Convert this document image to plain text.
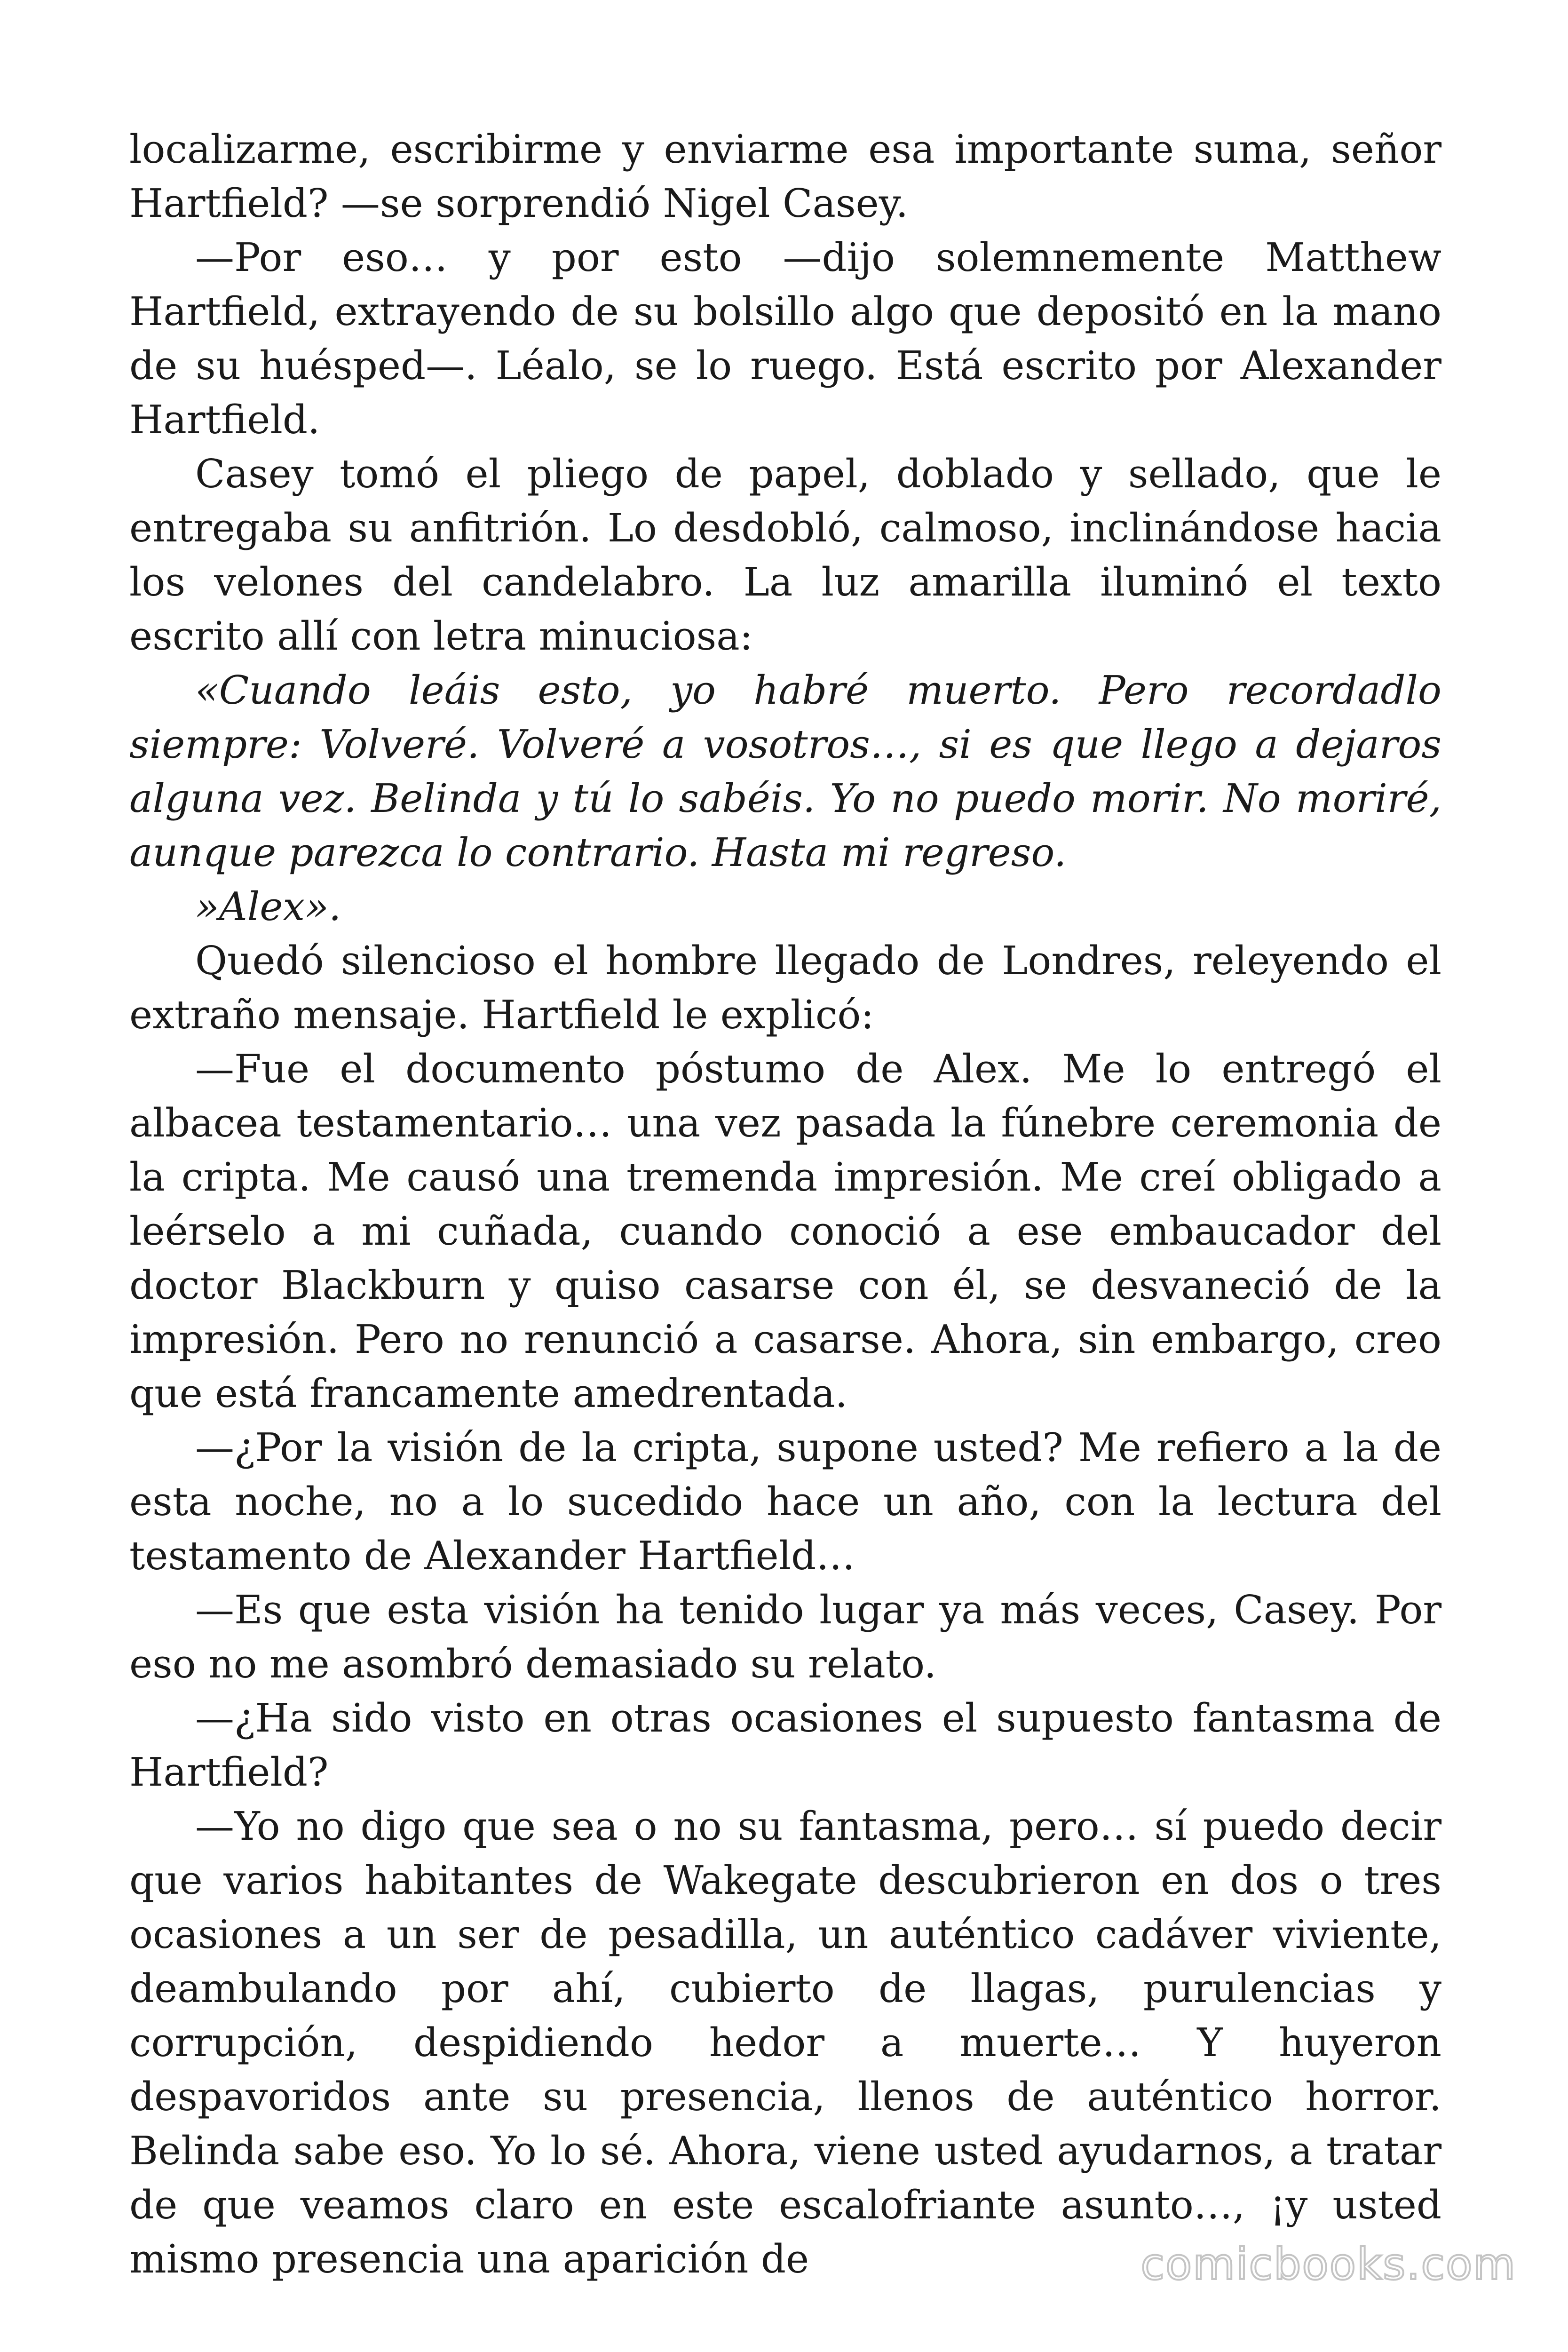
localizarme, escribirme y enviarme esa importante suma, señor Hartfield? —se sorprendió Nigel Casey.

—Por eso… y por esto —dijo solemnemente Matthew Hartfield, extrayendo de su bolsillo algo que depositó en la mano de su huésped—. Léalo, se lo ruego. Está escrito por Alexander Hartfield.

Casey tomó el pliego de papel, doblado y sellado, que le entregaba su anfitrión. Lo desdobló, calmoso, inclinándose hacia los velones del candelabro. La luz amarilla iluminó el texto escrito allí con letra minuciosa:

«Cuando leáis esto, yo habré muerto. Pero recordadlo siempre: Volveré. Volveré a vosotros…, si es que llego a dejaros alguna vez. Belinda y tú lo sabéis. Yo no puedo morir. No moriré, aunque parezca lo contrario. Hasta mi regreso.

»Alex».

Quedó silencioso el hombre llegado de Londres, releyendo el extraño mensaje. Hartfield le explicó:

—Fue el documento póstumo de Alex. Me lo entregó el albacea testamentario… una vez pasada la fúnebre ceremonia de la cripta. Me causó una tremenda impresión. Me creí obligado a leérselo a mi cuñada, cuando conoció a ese embaucador del doctor Blackburn y quiso casarse con él, se desvaneció de la impresión. Pero no renunció a casarse. Ahora, sin embargo, creo que está francamente amedrentada.

—¿Por la visión de la cripta, supone usted? Me refiero a la de esta noche, no a lo sucedido hace un año, con la lectura del testamento de Alexander Hartfield…

—Es que esta visión ha tenido lugar ya más veces, Casey. Por eso no me asombró demasiado su relato.

—¿Ha sido visto en otras ocasiones el supuesto fantasma de Hartfield?

—Yo no digo que sea o no su fantasma, pero… sí puedo decir que varios habitantes de Wakegate descubrieron en dos o tres ocasiones a un ser de pesadilla, un auténtico cadáver viviente, deambulando por ahí, cubierto de llagas, purulencias y corrupción, despidiendo hedor a muerte… Y huyeron despavoridos ante su presencia, llenos de auténtico horror. Belinda sabe eso. Yo lo sé. Ahora, viene usted ayudarnos, a tratar de que veamos claro en este escalofriante asunto…, ¡y usted mismo presencia una aparición de	comicbooks.com
